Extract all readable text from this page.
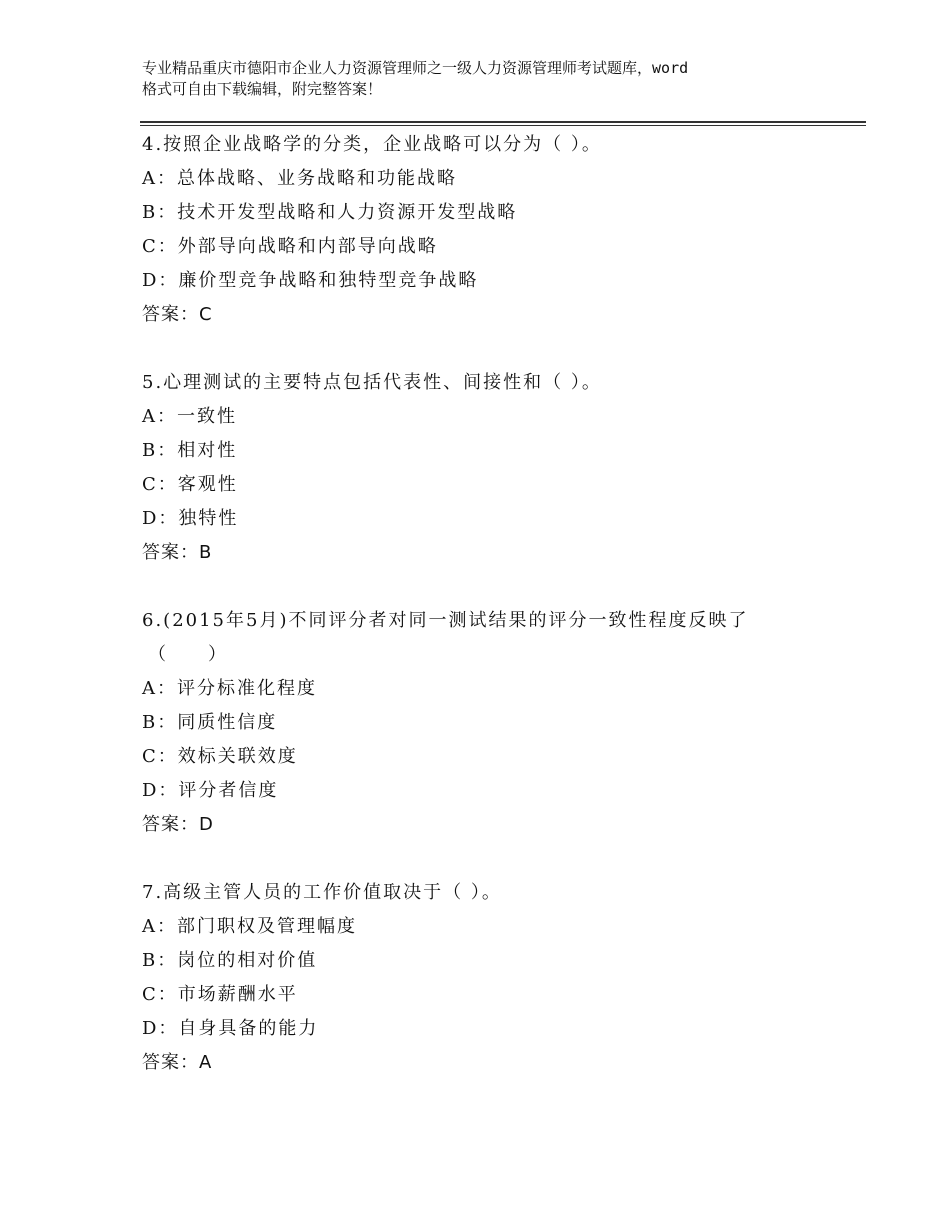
专业精品重庆市德阳市企业人力资源管理师之一级人力资源管理师考试题库，word
格式可自由下载编辑，附完整答案！
4.按照企业战略学的分类，企业战略可以分为（ ）。
A：总体战略、业务战略和功能战略
B：技术开发型战略和人力资源开发型战略
C：外部导向战略和内部导向战略
D：廉价型竞争战略和独特型竞争战略
答案：C
5.心理测试的主要特点包括代表性、间接性和（ ）。
A：一致性
B：相对性
C：客观性
D：独特性
答案：B
6.(2015年5月)不同评分者对同一测试结果的评分一致性程度反映了
（　　）
A：评分标准化程度
B：同质性信度
C：效标关联效度
D：评分者信度
答案：D
7.高级主管人员的工作价值取决于（ ）。
A：部门职权及管理幅度
B：岗位的相对价值
C：市场薪酬水平
D：自身具备的能力
答案：A
